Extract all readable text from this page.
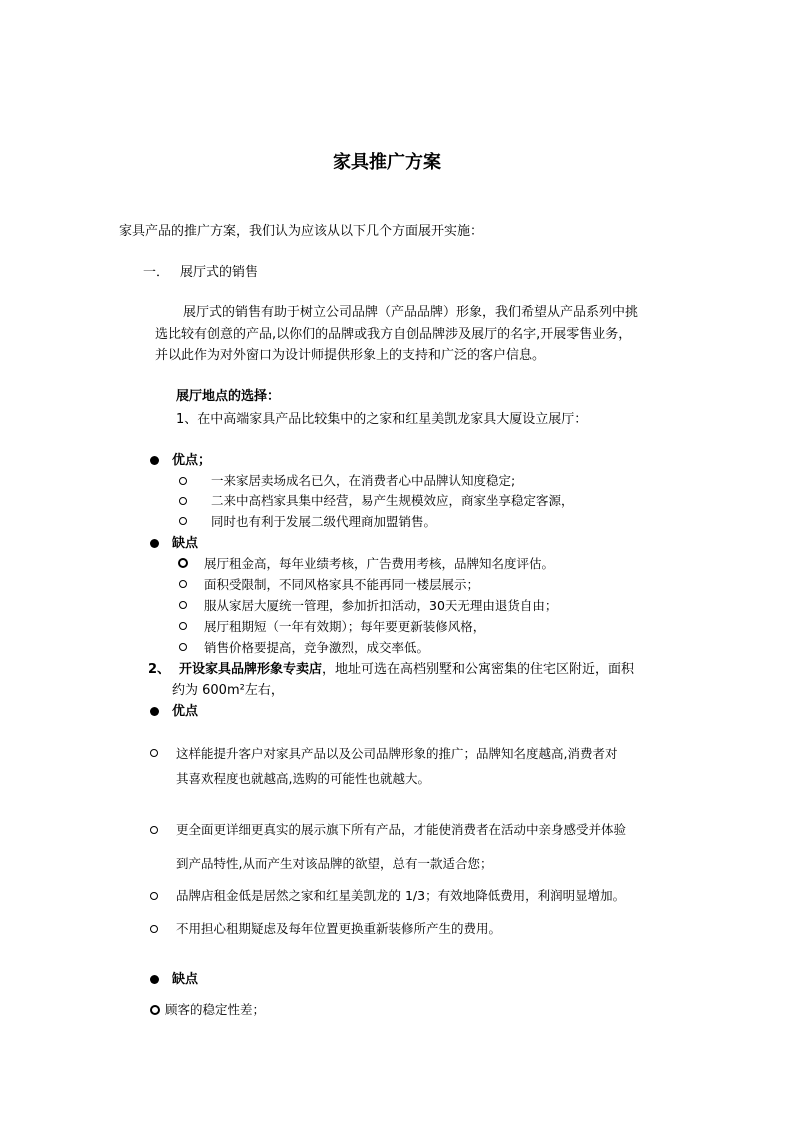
家具推广方案
家具产品的推广方案，我们认为应该从以下几个方面展开实施：
一． 展厅式的销售
展厅式的销售有助于树立公司品牌（产品品牌）形象，我们希望从产品系列中挑
选比较有创意的产品,以你们的品牌或我方自创品牌涉及展厅的名字,开展零售业务，
并以此作为对外窗口为设计师提供形象上的支持和广泛的客户信息。
展厅地点的选择：
1、在中高端家具产品比较集中的之家和红星美凯龙家具大厦设立展厅：
优点；
一来家居卖场成名已久，在消费者心中品牌认知度稳定;
二来中高档家具集中经营，易产生规模效应，商家坐享稳定客源，
同时也有利于发展二级代理商加盟销售。
缺点
展厅租金高，每年业绩考核，广告费用考核，品牌知名度评估。
面积受限制，不同风格家具不能再同一楼层展示；
服从家居大厦统一管理，参加折扣活动，30天无理由退货自由；
展厅租期短（一年有效期）；每年要更新装修风格，
销售价格要提高，竞争激烈，成交率低。
2、 开设家具品牌形象专卖店，地址可选在高档别墅和公寓密集的住宅区附近，面积
约为 600m²左右，
优点
这样能提升客户对家具产品以及公司品牌形象的推广；品牌知名度越高,消费者对
其喜欢程度也就越高,选购的可能性也就越大。
更全面更详细更真实的展示旗下所有产品，才能使消费者在活动中亲身感受并体验
到产品特性,从而产生对该品牌的欲望，总有一款适合您；
品牌店租金低是居然之家和红星美凯龙的 1/3；有效地降低费用，利润明显增加。
不用担心租期疑虑及每年位置更换重新装修所产生的费用。
缺点
顾客的稳定性差；
